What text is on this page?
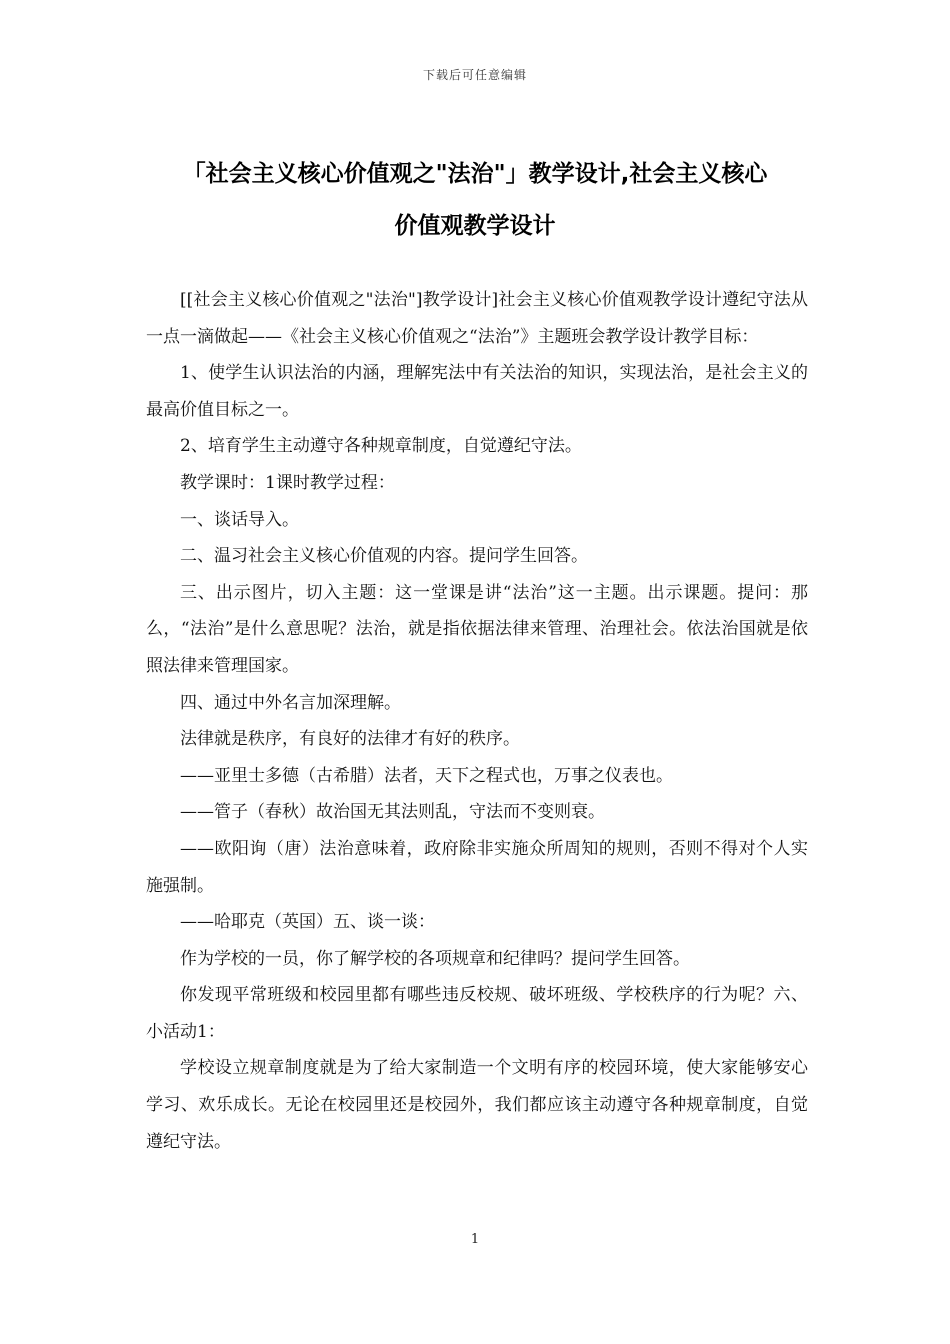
下载后可任意编辑
「社会主义核心价值观之"法治"」教学设计,社会主义核心
价值观教学设计

[[社会主义核心价值观之"法治"]教学设计]社会主义核心价值观教学设计遵纪守法从一点一滴做起——《社会主义核心价值观之“法治”》主题班会教学设计教学目标：

1、使学生认识法治的内涵，理解宪法中有关法治的知识，实现法治，是社会主义的最高价值目标之一。

2、培育学生主动遵守各种规章制度，自觉遵纪守法。

教学课时：1课时教学过程：

一、谈话导入。

二、温习社会主义核心价值观的内容。提问学生回答。

三、出示图片，切入主题：这一堂课是讲“法治”这一主题。出示课题。提问：那么，“法治”是什么意思呢？法治，就是指依据法律来管理、治理社会。依法治国就是依照法律来管理国家。

四、通过中外名言加深理解。

法律就是秩序，有良好的法律才有好的秩序。

——亚里士多德（古希腊）法者，天下之程式也，万事之仪表也。

——管子（春秋）故治国无其法则乱，守法而不变则衰。

——欧阳询（唐）法治意味着，政府除非实施众所周知的规则，否则不得对个人实施强制。

——哈耶克（英国）五、谈一谈：

作为学校的一员，你了解学校的各项规章和纪律吗？提问学生回答。

你发现平常班级和校园里都有哪些违反校规、破坏班级、学校秩序的行为呢？六、小活动1：

学校设立规章制度就是为了给大家制造一个文明有序的校园环境，使大家能够安心学习、欢乐成长。无论在校园里还是校园外，我们都应该主动遵守各种规章制度，自觉遵纪守法。

1
